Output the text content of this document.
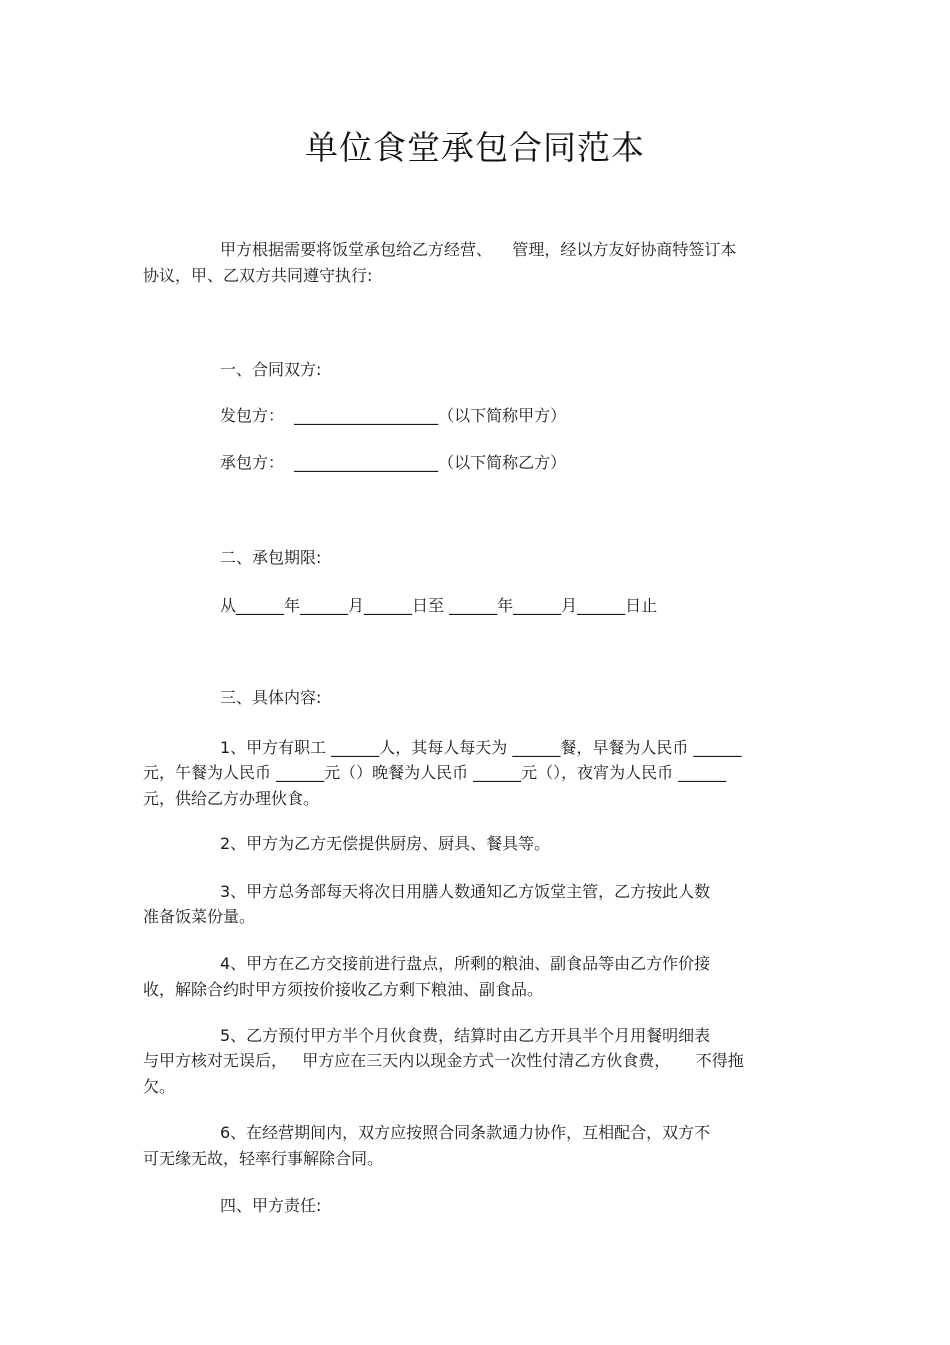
单位食堂承包合同范本
甲方根据需要将饭堂承包给乙方经营、    管理，经以方友好协商特签订本
协议，甲、乙双方共同遵守执行:
一、合同双方:
发包方：  __________________（以下简称甲方）
承包方：  __________________（以下简称乙方）
二、承包期限:
从______年______月______日至 ______年______月______日止
三、具体内容:
1、甲方有职工 ______人，其每人每天为 ______餐，早餐为人民币 ______
元，午餐为人民币 ______元（）晚餐为人民币 ______元（），夜宵为人民币 ______
元，供给乙方办理伙食。
2、甲方为乙方无偿提供厨房、厨具、餐具等。
3、甲方总务部每天将次日用膳人数通知乙方饭堂主管，乙方按此人数
准备饭菜份量。
4、甲方在乙方交接前进行盘点，所剩的粮油、副食品等由乙方作价接
收，解除合约时甲方须按价接收乙方剩下粮油、副食品。
5、乙方预付甲方半个月伙食费，结算时由乙方开具半个月用餐明细表
与甲方核对无误后，   甲方应在三天内以现金方式一次性付清乙方伙食费，     不得拖
欠。
6、在经营期间内，双方应按照合同条款通力协作，互相配合，双方不
可无缘无故，轻率行事解除合同。
四、甲方责任:
